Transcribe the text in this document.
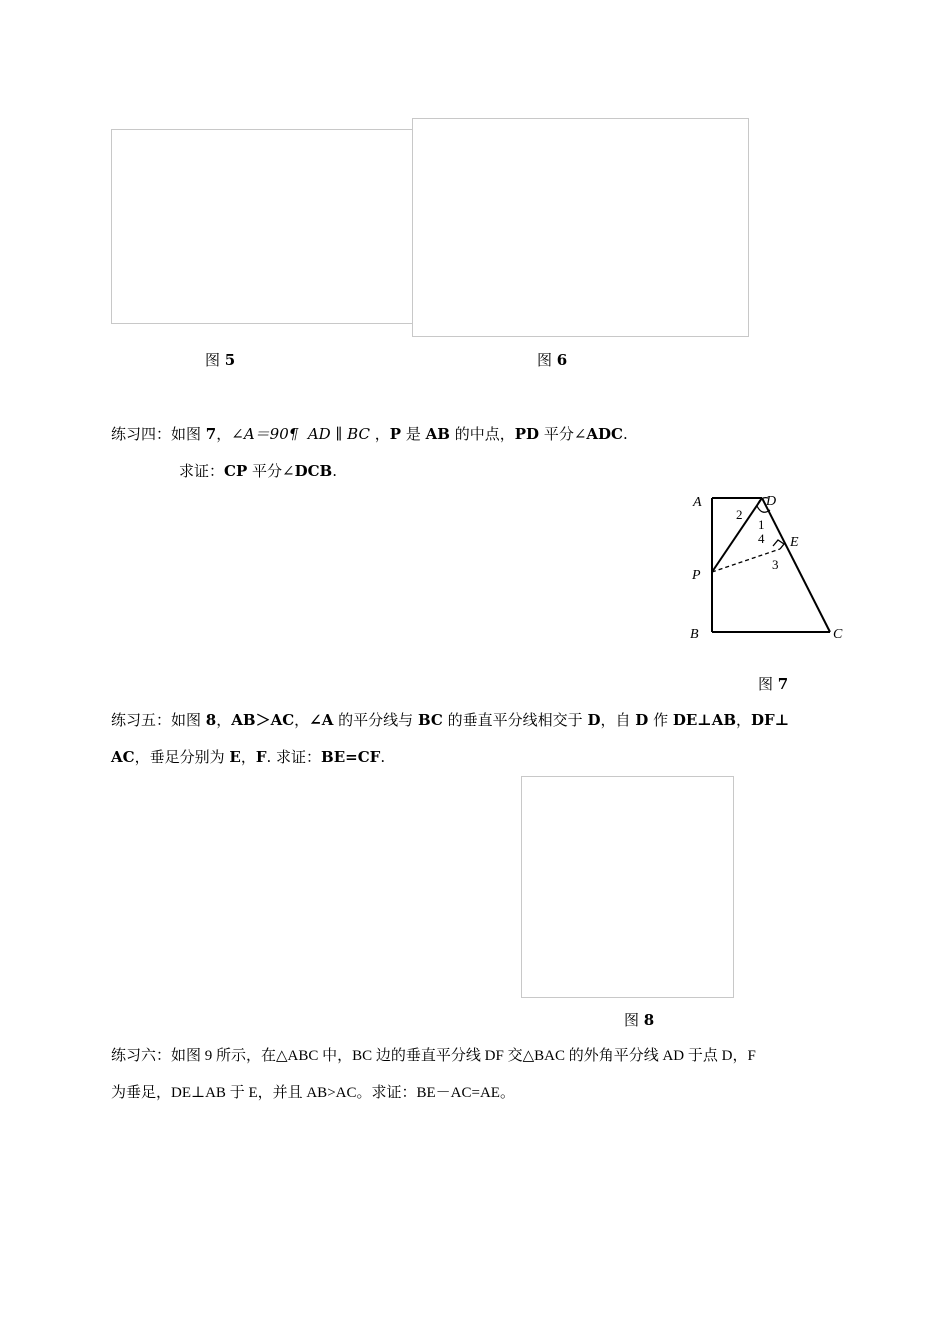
图 5	图 6
练习四：如图 7，∠A＝90¶ AD ∥ BC ，P 是 AB 的中点，PD 平分∠ADC.
求证：CP 平分∠DCB.
A	D
P
B	C
E
1
2
3
4
图 7
练习五：如图 8，AB＞AC，∠A 的平分线与 BC 的垂直平分线相交于 D，自 D 作 DE⊥AB，DF⊥
AC，垂足分别为 E，F. 求证：BE=CF.
图 8
练习六：如图 9 所示，在△ABC 中，BC 边的垂直平分线 DF 交△BAC 的外角平分线 AD 于点 D，F
为垂足，DE⊥AB 于 E，并且 AB>AC。求证：BE－AC=AE。
